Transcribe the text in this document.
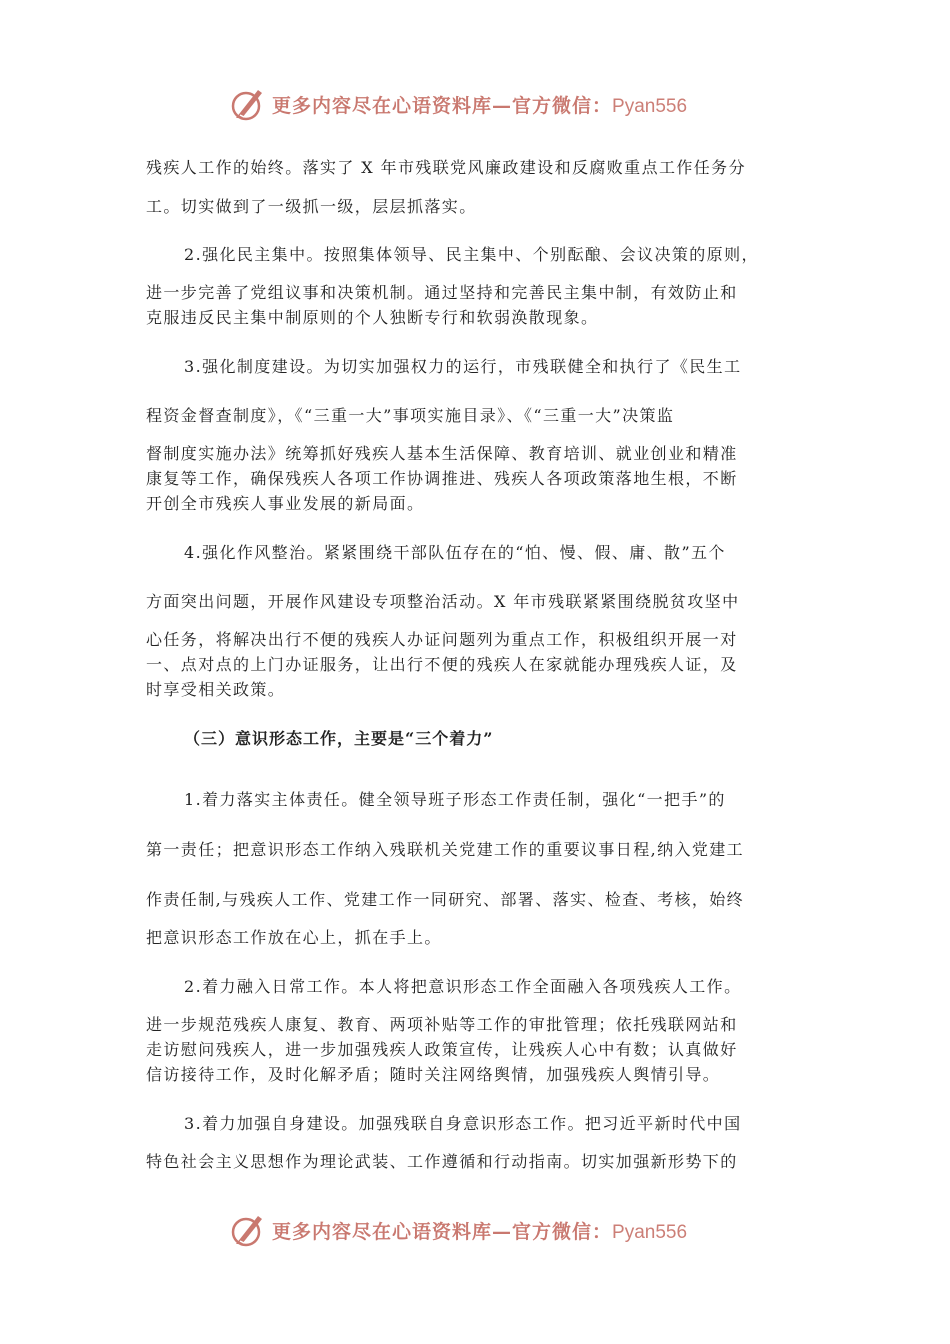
更多内容尽在心语资料库—官方微信：Pyan556
残疾人工作的始终。落实了 X 年市残联党风廉政建设和反腐败重点工作任务分
工。切实做到了一级抓一级，层层抓落实。
2.强化民主集中。按照集体领导、民主集中、个别酝酿、会议决策的原则，
进一步完善了党组议事和决策机制。通过坚持和完善民主集中制，有效防止和
克服违反民主集中制原则的个人独断专行和软弱涣散现象。
3.强化制度建设。为切实加强权力的运行，市残联健全和执行了《民生工
程资金督查制度》，《“三重一大”事项实施目录》、《“三重一大”决策监
督制度实施办法》统筹抓好残疾人基本生活保障、教育培训、就业创业和精准
康复等工作，确保残疾人各项工作协调推进、残疾人各项政策落地生根，不断
开创全市残疾人事业发展的新局面。
4.强化作风整治。紧紧围绕干部队伍存在的“怕、慢、假、庸、散”五个
方面突出问题，开展作风建设专项整治活动。X 年市残联紧紧围绕脱贫攻坚中
心任务，将解决出行不便的残疾人办证问题列为重点工作，积极组织开展一对
一、点对点的上门办证服务，让出行不便的残疾人在家就能办理残疾人证，及
时享受相关政策。
（三）意识形态工作，主要是“三个着力”
1.着力落实主体责任。健全领导班子形态工作责任制，强化“一把手”的
第一责任；把意识形态工作纳入残联机关党建工作的重要议事日程,纳入党建工
作责任制,与残疾人工作、党建工作一同研究、部署、落实、检查、考核，始终
把意识形态工作放在心上，抓在手上。
2.着力融入日常工作。本人将把意识形态工作全面融入各项残疾人工作。
进一步规范残疾人康复、教育、两项补贴等工作的审批管理；依托残联网站和
走访慰问残疾人，进一步加强残疾人政策宣传，让残疾人心中有数；认真做好
信访接待工作，及时化解矛盾；随时关注网络舆情，加强残疾人舆情引导。
3.着力加强自身建设。加强残联自身意识形态工作。把习近平新时代中国
特色社会主义思想作为理论武装、工作遵循和行动指南。切实加强新形势下的
更多内容尽在心语资料库—官方微信：Pyan556
